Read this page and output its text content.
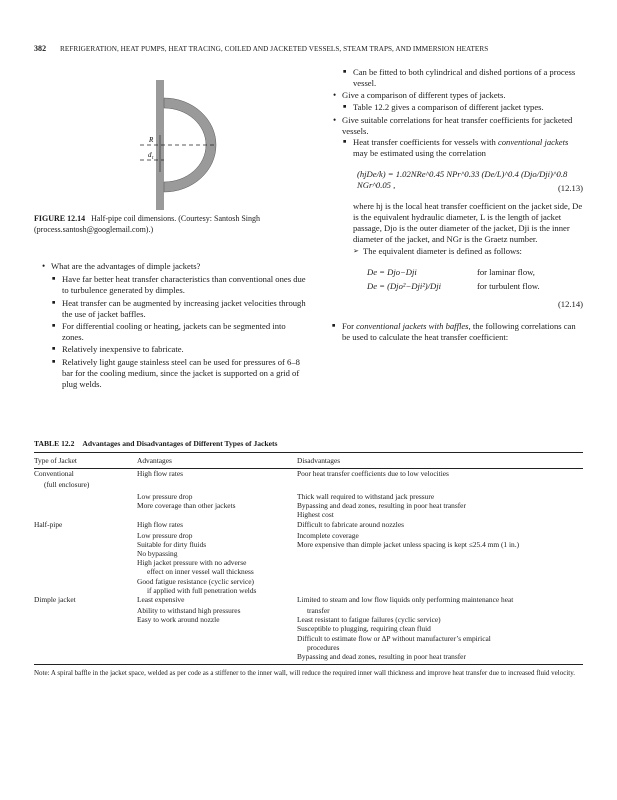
382 REFRIGERATION, HEAT PUMPS, HEAT TRACING, COILED AND JACKETED VESSELS, STEAM TRAPS, AND IMMERSION HEATERS
R
d t
FIGURE 12.14 Half-pipe coil dimensions. (Courtesy: Santosh Singh (process.santosh@googlemail.com).)
• What are the advantages of dimple jackets?
■ Have far better heat transfer characteristics than conventional ones due to turbulence generated by dimples.
■ Heat transfer can be augmented by increasing jacket velocities through the use of jacket baffles.
■ For differential cooling or heating, jackets can be segmented into zones.
■ Relatively inexpensive to fabricate.
■ Relatively light gauge stainless steel can be used for pressures of 6–8 bar for the cooling medium, since the jacket is supported on a grid of plug welds.
■ Can be fitted to both cylindrical and dished portions of a process vessel.
• Give a comparison of different types of jackets.
■ Table 12.2 gives a comparison of different jacket types.
• Give suitable correlations for heat transfer coefficients for jacketed vessels.
■ Heat transfer coefficients for vessels with conventional jackets may be estimated using the correlation
(hjDe/k) = 1.02NRe^0.45 NPr^0.33 (De/L)^0.4 (Djo/Dji)^0.8 NGr^0.05 ,	(12.13)
where hj is the local heat transfer coefficient on the jacket side, De is the equivalent hydraulic diameter, L is the length of jacket passage, Djo is the outer diameter of the jacket, Dji is the inner diameter of the jacket, and NGr is the Graetz number.
➢ The equivalent diameter is defined as follows:
De = Djo−Dji	for laminar flow,
De = (Djo²−Dji²)/Dji	for turbulent flow.
(12.14)
■ For conventional jackets with baffles, the following correlations can be used to calculate the heat transfer coefficient:
TABLE 12.2 Advantages and Disadvantages of Different Types of Jackets
Type of Jacket	Advantages	Disadvantages
Conventional	High flow rates	Poor heat transfer coefficients due to low velocities
(full enclosure)		
	Low pressure drop	Thick wall required to withstand jack pressure
	More coverage than other jackets	Bypassing and dead zones, resulting in poor heat transfer
		Highest cost
Half-pipe	High flow rates	Difficult to fabricate around nozzles
	Low pressure drop	Incomplete coverage
	Suitable for dirty fluids	More expensive than dimple jacket unless spacing is kept ≤25.4 mm (1 in.)
	No bypassing	
	High jacket pressure with no adverse	
	effect on inner vessel wall thickness	
	Good fatigue resistance (cyclic service)	
	if applied with full penetration welds	
Dimple jacket	Least expensive	Limited to steam and low flow liquids only performing maintenance heat
	Ability to withstand high pressures	transfer
	Easy to work around nozzle	Least resistant to fatigue failures (cyclic service)
		Susceptible to plugging, requiring clean fluid
		Difficult to estimate flow or ΔP without manufacturer’s empirical
		procedures
		Bypassing and dead zones, resulting in poor heat transfer
Note: A spiral baffle in the jacket space, welded as per code as a stiffener to the inner wall, will reduce the required inner wall thickness and improve heat transfer due to increased fluid velocity.
